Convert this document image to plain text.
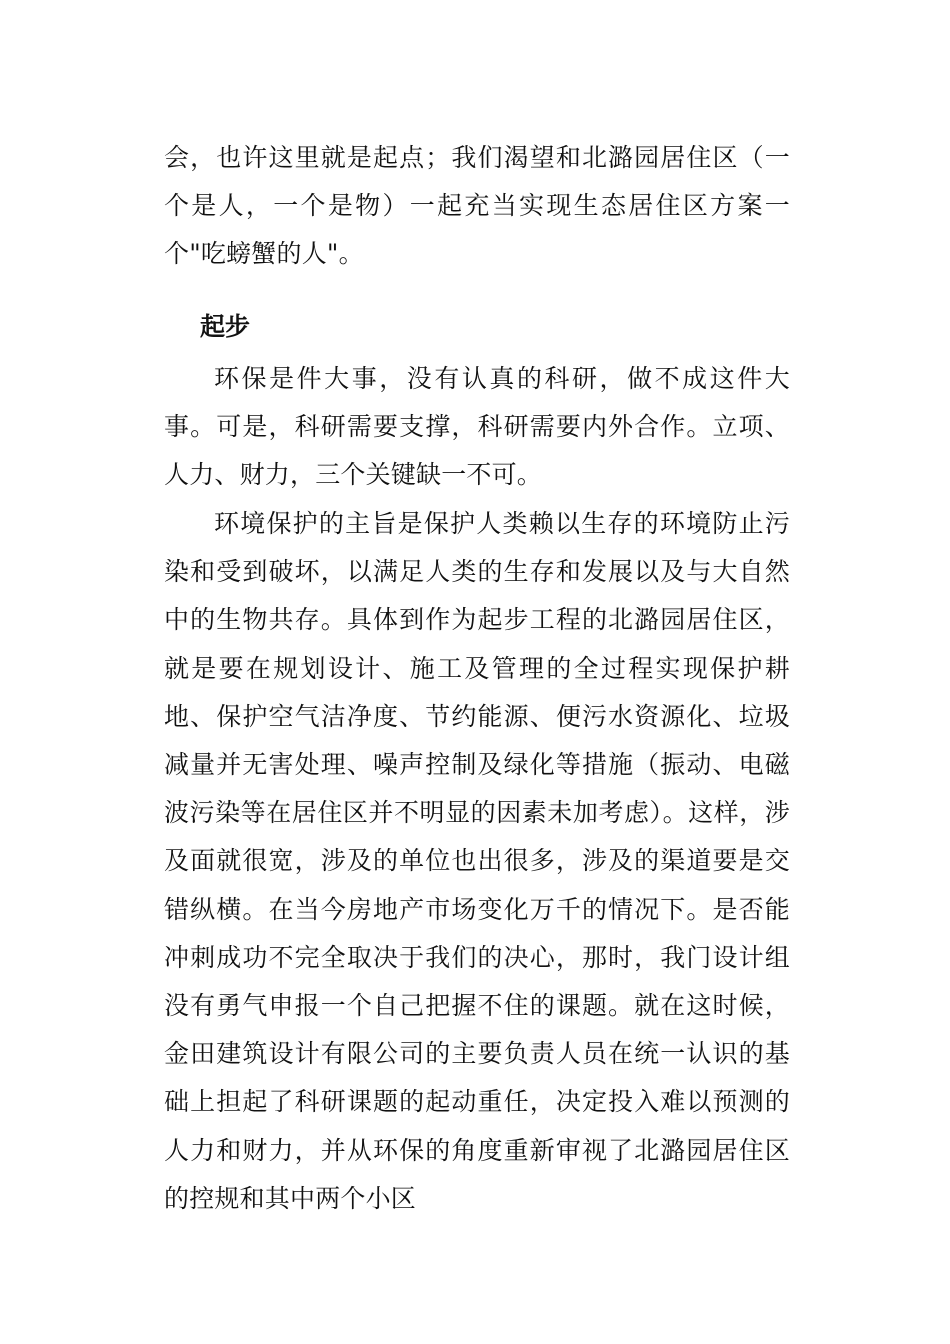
会，也许这里就是起点；我们渴望和北潞园居住区（一个是人，一个是物）一起充当实现生态居住区方案一个"吃螃蟹的人"。

起步

环保是件大事，没有认真的科研，做不成这件大事。可是，科研需要支撑，科研需要内外合作。立项、人力、财力，三个关键缺一不可。

环境保护的主旨是保护人类赖以生存的环境防止污染和受到破坏，以满足人类的生存和发展以及与大自然中的生物共存。具体到作为起步工程的北潞园居住区，就是要在规划设计、施工及管理的全过程实现保护耕地、保护空气洁净度、节约能源、便污水资源化、垃圾减量并无害处理、噪声控制及绿化等措施（振动、电磁波污染等在居住区并不明显的因素未加考虑）。这样，涉及面就很宽，涉及的单位也出很多，涉及的渠道要是交错纵横。在当今房地产市场变化万千的情况下。是否能冲刺成功不完全取决于我们的决心，那时，我门设计组没有勇气申报一个自己把握不住的课题。就在这时候，金田建筑设计有限公司的主要负责人员在统一认识的基础上担起了科研课题的起动重任，决定投入难以预测的人力和财力，并从环保的角度重新审视了北潞园居住区的控规和其中两个小区
